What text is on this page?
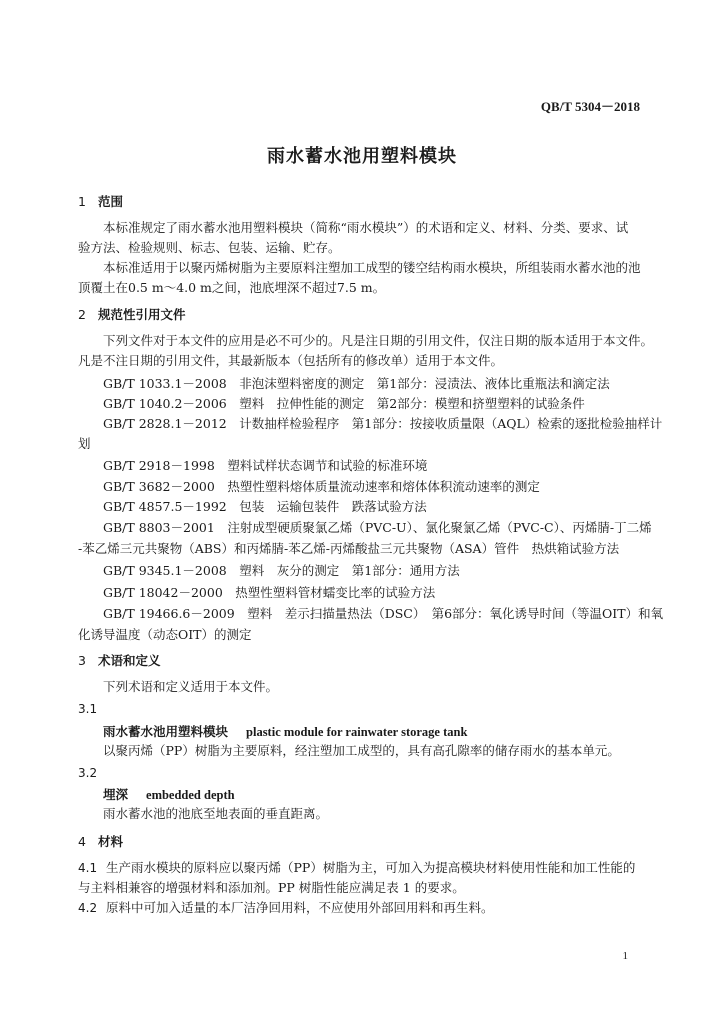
QB/T 5304－2018
雨水蓄水池用塑料模块
1 范围
本标准规定了雨水蓄水池用塑料模块（简称“雨水模块”）的术语和定义、材料、分类、要求、试
验方法、检验规则、标志、包装、运输、贮存。
本标准适用于以聚丙烯树脂为主要原料注塑加工成型的镂空结构雨水模块，所组装雨水蓄水池的池
顶覆土在0.5 m～4.0 m之间，池底埋深不超过7.5 m。
2 规范性引用文件
下列文件对于本文件的应用是必不可少的。凡是注日期的引用文件，仅注日期的版本适用于本文件。
凡是不注日期的引用文件，其最新版本（包括所有的修改单）适用于本文件。
GB/T 1033.1－2008　非泡沫塑料密度的测定　第1部分：浸渍法、液体比重瓶法和滴定法
GB/T 1040.2－2006　塑料　拉伸性能的测定　第2部分：模塑和挤塑塑料的试验条件
GB/T 2828.1－2012　计数抽样检验程序　第1部分：按接收质量限（AQL）检索的逐批检验抽样计
划
GB/T 2918－1998　塑料试样状态调节和试验的标准环境
GB/T 3682－2000　热塑性塑料熔体质量流动速率和熔体体积流动速率的测定
GB/T 4857.5－1992　包装　运输包装件　跌落试验方法
GB/T 8803－2001　注射成型硬质聚氯乙烯（PVC-U）、氯化聚氯乙烯（PVC-C）、丙烯腈-丁二烯
-苯乙烯三元共聚物（ABS）和丙烯腈-苯乙烯-丙烯酸盐三元共聚物（ASA）管件　热烘箱试验方法
GB/T 9345.1－2008　塑料　灰分的测定　第1部分：通用方法
GB/T 18042－2000　热塑性塑料管材蠕变比率的试验方法
GB/T 19466.6－2009　塑料　差示扫描量热法（DSC）　第6部分：氧化诱导时间（等温OIT）和氧
化诱导温度（动态OIT）的测定
3 术语和定义
下列术语和定义适用于本文件。
3.1
雨水蓄水池用塑料模块 plastic module for rainwater storage tank
以聚丙烯（PP）树脂为主要原料，经注塑加工成型的，具有高孔隙率的储存雨水的基本单元。
3.2
埋深 embedded depth
雨水蓄水池的池底至地表面的垂直距离。
4 材料
4.1 生产雨水模块的原料应以聚丙烯（PP）树脂为主，可加入为提高模块材料使用性能和加工性能的
与主料相兼容的增强材料和添加剂。PP 树脂性能应满足表 1 的要求。
4.2 原料中可加入适量的本厂洁净回用料，不应使用外部回用料和再生料。
1
